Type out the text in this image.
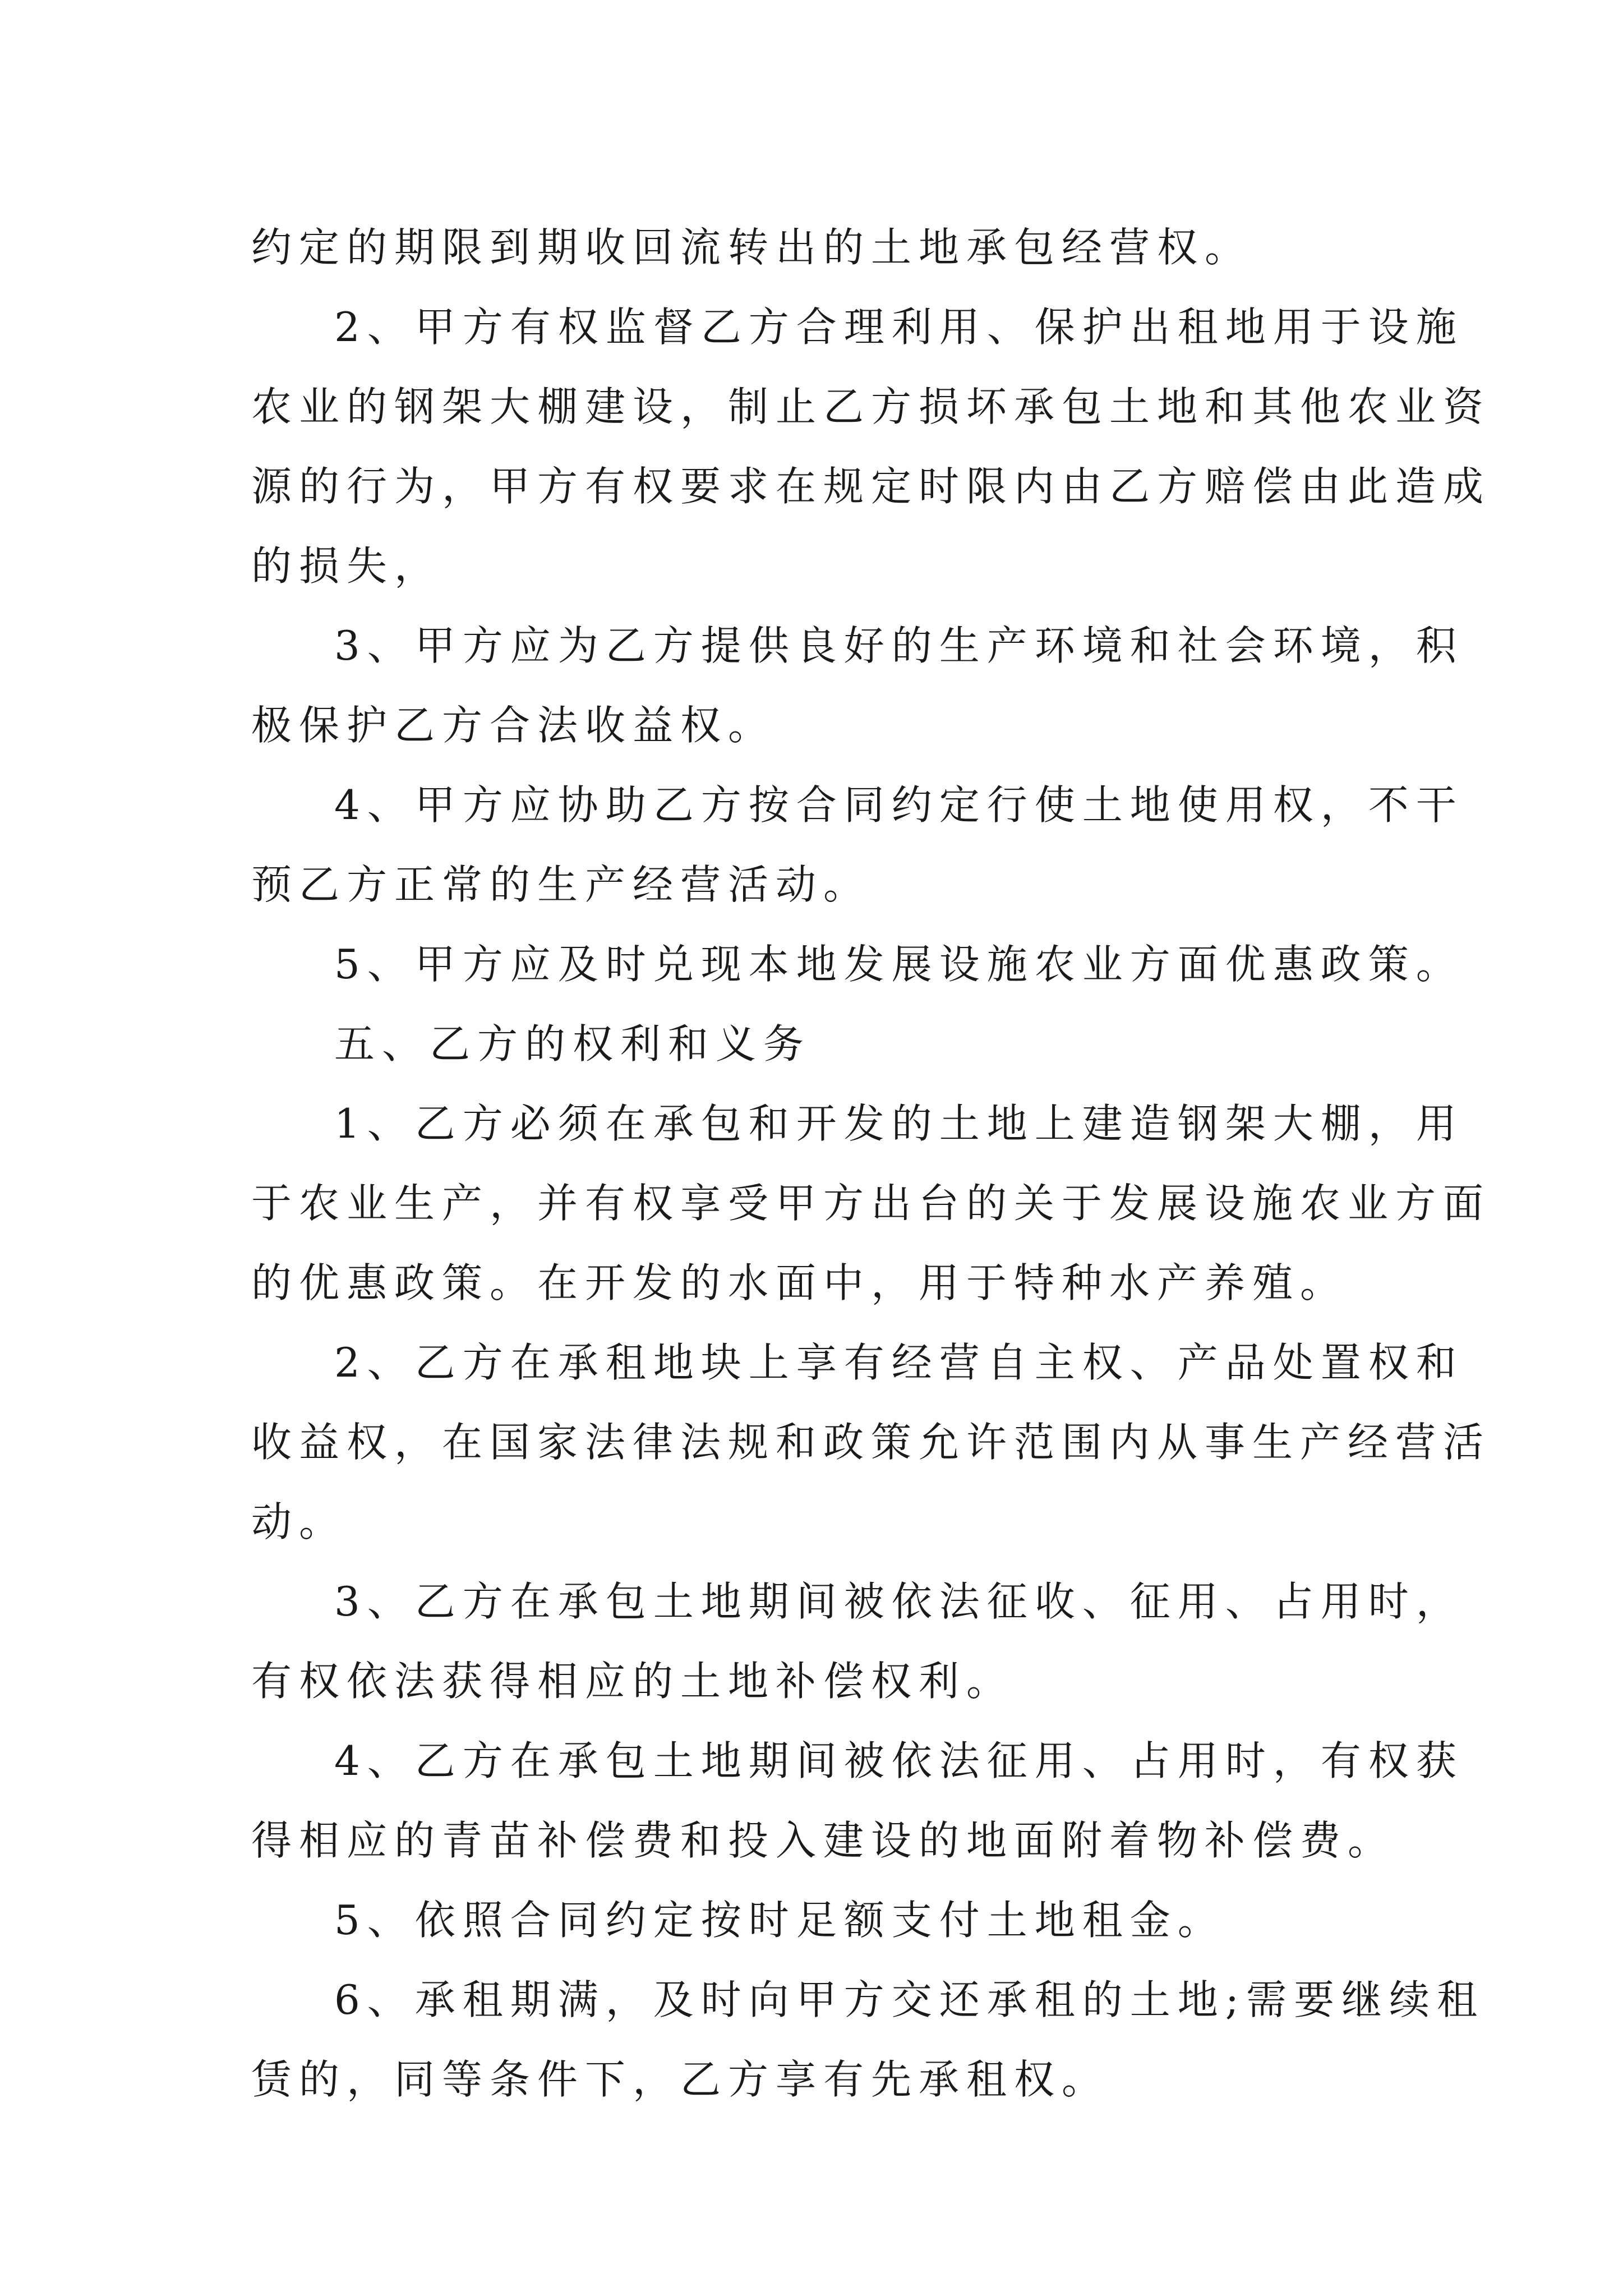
约定的期限到期收回流转出的土地承包经营权。
2、甲方有权监督乙方合理利用、保护出租地用于设施
农业的钢架大棚建设，制止乙方损坏承包土地和其他农业资
源的行为，甲方有权要求在规定时限内由乙方赔偿由此造成
的损失，
3、甲方应为乙方提供良好的生产环境和社会环境，积
极保护乙方合法收益权。
4、甲方应协助乙方按合同约定行使土地使用权，不干
预乙方正常的生产经营活动。
5、甲方应及时兑现本地发展设施农业方面优惠政策。
五、乙方的权利和义务
1、乙方必须在承包和开发的土地上建造钢架大棚，用
于农业生产，并有权享受甲方出台的关于发展设施农业方面
的优惠政策。在开发的水面中，用于特种水产养殖。
2、乙方在承租地块上享有经营自主权、产品处置权和
收益权，在国家法律法规和政策允许范围内从事生产经营活
动。
3、乙方在承包土地期间被依法征收、征用、占用时，
有权依法获得相应的土地补偿权利。
4、乙方在承包土地期间被依法征用、占用时，有权获
得相应的青苗补偿费和投入建设的地面附着物补偿费。
5、依照合同约定按时足额支付土地租金。
6、承租期满，及时向甲方交还承租的土地;需要继续租
赁的，同等条件下，乙方享有先承租权。
